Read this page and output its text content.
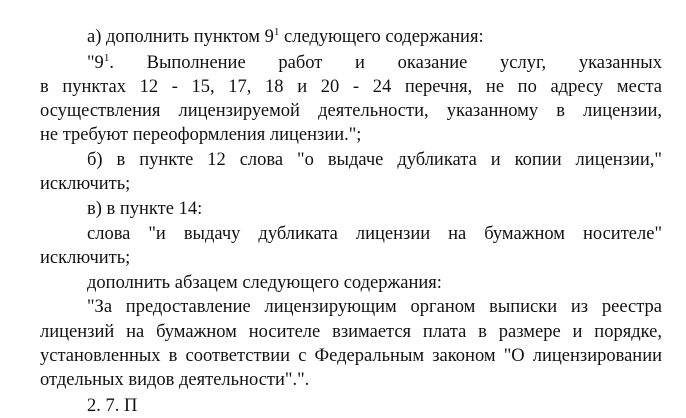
а) дополнить пунктом $9^1$ следующего содержания:
"$9^1$. Выполнение работ и оказание услуг, указанных
в пунктах 12 - 15, 17, 18 и 20 - 24 перечня, не по адресу места
осуществления лицензируемой деятельности, указанному в лицензии,
не требуют переоформления лицензии.";
б) в пункте 12 слова "о выдаче дубликата и копии лицензии,"
исключить;
в) в пункте 14:
слова "и выдачу дубликата лицензии на бумажном носителе"
исключить;
дополнить абзацем следующего содержания:
"За предоставление лицензирующим органом выписки из реестра
лицензий на бумажном носителе взимается плата в размере и порядке,
установленных в соответствии с Федеральным законом "О лицензировании
отдельных видов деятельности".".
2. 7. П
